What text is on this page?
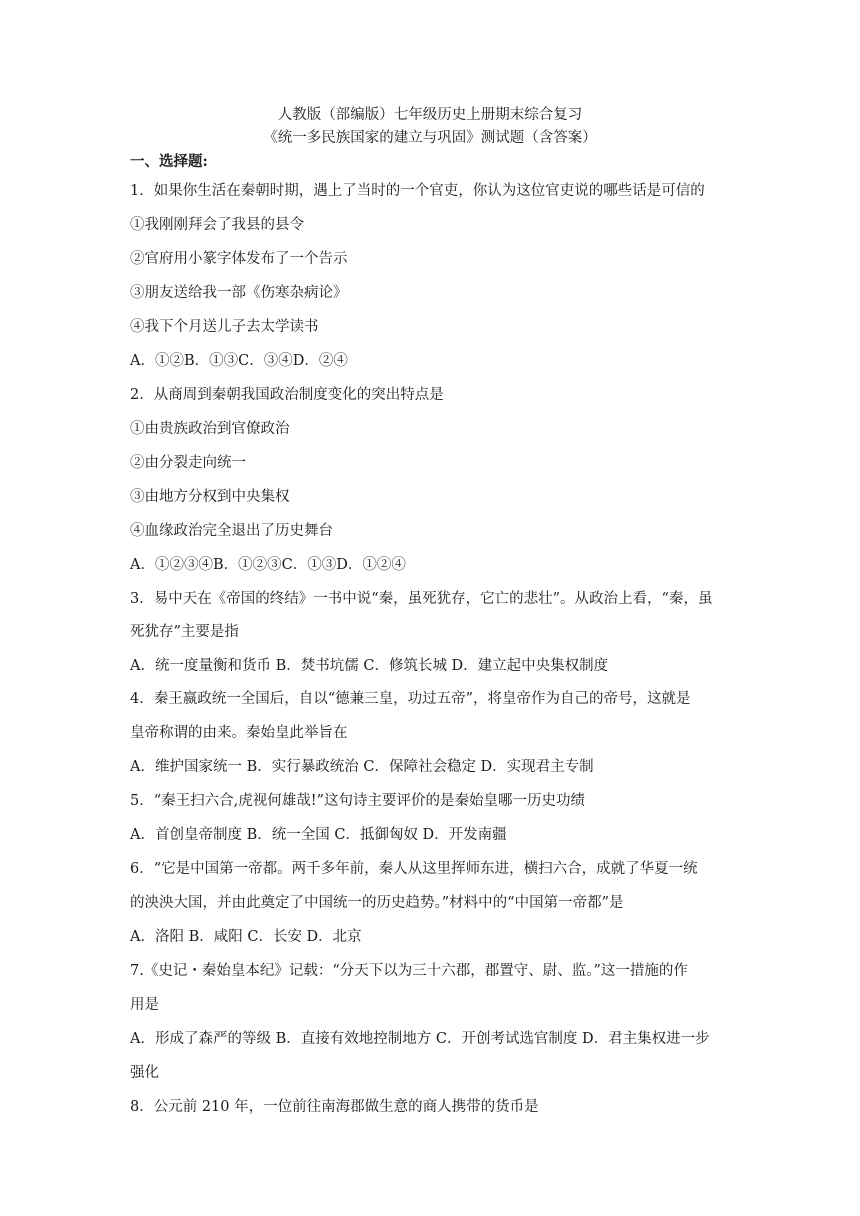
人教版（部编版）七年级历史上册期末综合复习
《统一多民族国家的建立与巩固》测试题（含答案）
一、选择题:
1．如果你生活在秦朝时期，遇上了当时的一个官吏，你认为这位官吏说的哪些话是可信的
①我刚刚拜会了我县的县令
②官府用小篆字体发布了一个告示
③朋友送给我一部《伤寒杂病论》
④我下个月送儿子去太学读书
A．①②B．①③C．③④D．②④
2．从商周到秦朝我国政治制度变化的突出特点是
①由贵族政治到官僚政治
②由分裂走向统一
③由地方分权到中央集权
④血缘政治完全退出了历史舞台
A．①②③④B．①②③C．①③D．①②④
3．易中天在《帝国的终结》一书中说“秦，虽死犹存，它亡的悲壮”。从政治上看，“秦，虽
死犹存”主要是指
A．统一度量衡和货币 B．焚书坑儒 C．修筑长城 D．建立起中央集权制度
4．秦王嬴政统一全国后，自以“德兼三皇，功过五帝”，将皇帝作为自己的帝号，这就是
皇帝称谓的由来。秦始皇此举旨在
A．维护国家统一 B．实行暴政统治 C．保障社会稳定 D．实现君主专制
5．“秦王扫六合,虎视何雄哉!”这句诗主要评价的是秦始皇哪一历史功绩
A．首创皇帝制度 B．统一全国 C．抵御匈奴 D．开发南疆
6．“它是中国第一帝都。两千多年前，秦人从这里挥师东进，横扫六合，成就了华夏一统
的泱泱大国，并由此奠定了中国统一的历史趋势。”材料中的“中国第一帝都”是
A．洛阳 B．咸阳 C．长安 D．北京
7.《史记・秦始皇本纪》记载：“分天下以为三十六郡，郡置守、尉、监。”这一措施的作
用是
A．形成了森严的等级 B．直接有效地控制地方 C．开创考试选官制度 D．君主集权进一步
强化
8．公元前 210 年，一位前往南海郡做生意的商人携带的货币是
